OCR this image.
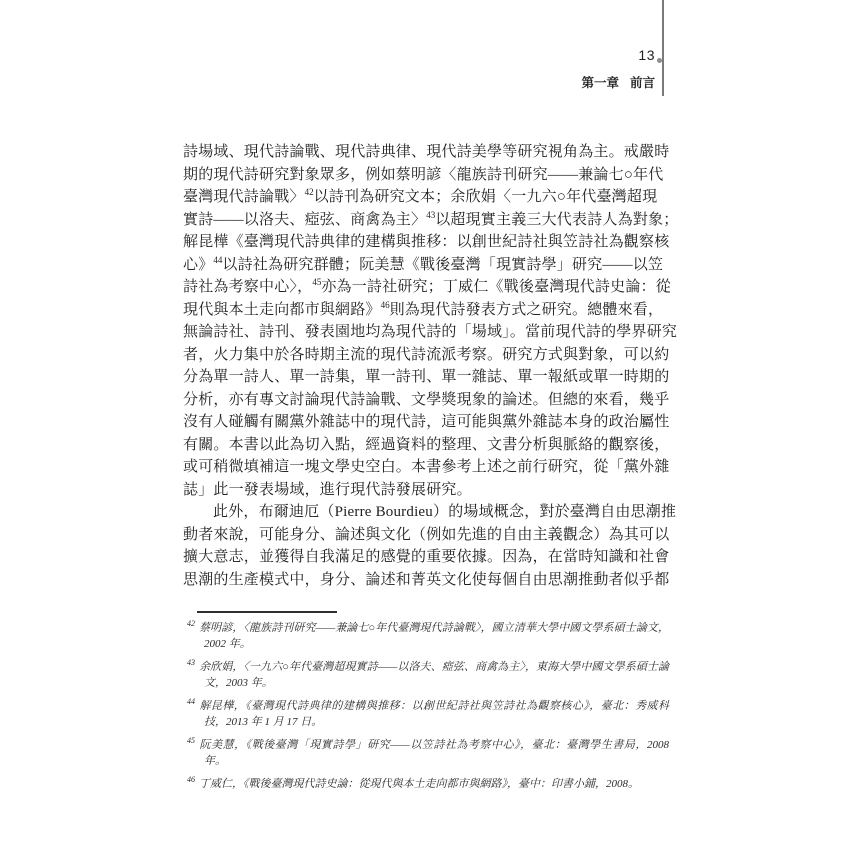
13
第一章 前言
詩場域、現代詩論戰、現代詩典律、現代詩美學等研究視角為主。戒嚴時
期的現代詩研究對象眾多，例如蔡明諺〈龍族詩刊研究——兼論七○年代
臺灣現代詩論戰〉$^{42}$以詩刊為研究文本；余欣娟〈一九六○年代臺灣超現
實詩——以洛夫、瘂弦、商禽為主〉$^{43}$以超現實主義三大代表詩人為對象；
解昆樺《臺灣現代詩典律的建構與推移：以創世紀詩社與笠詩社為觀察核
心》$^{44}$以詩社為研究群體；阮美慧《戰後臺灣「現實詩學」研究——以笠
詩社為考察中心〉，$^{45}$亦為一詩社研究；丁威仁《戰後臺灣現代詩史論：從
現代與本土走向都市與網路》$^{46}$則為現代詩發表方式之研究。總體來看，
無論詩社、詩刊、發表園地均為現代詩的「場域」。當前現代詩的學界研究
者，火力集中於各時期主流的現代詩流派考察。研究方式與對象，可以約
分為單一詩人、單一詩集，單一詩刊、單一雜誌、單一報紙或單一時期的
分析，亦有專文討論現代詩論戰、文學獎現象的論述。但總的來看，幾乎
沒有人碰觸有關黨外雜誌中的現代詩，這可能與黨外雜誌本身的政治屬性
有關。本書以此為切入點，經過資料的整理、文書分析與脈絡的觀察後，
或可稍微填補這一塊文學史空白。本書參考上述之前行研究，從「黨外雜
誌」此一發表場域，進行現代詩發展研究。
此外，布爾迪厄（Pierre Bourdieu）的場域概念，對於臺灣自由思潮推
動者來說，可能身分、論述與文化（例如先進的自由主義觀念）為其可以
擴大意志，並獲得自我滿足的感覺的重要依據。因為，在當時知識和社會
思潮的生產模式中，身分、論述和菁英文化使每個自由思潮推動者似乎都
$^{42}$ 蔡明諺，〈龍族詩刊研究——兼論七○年代臺灣現代詩論戰〉，國立清華大學中國文學系碩士論文，2002 年。
$^{43}$ 余欣娟，〈一九六○年代臺灣超現實詩——以洛夫、瘂弦、商禽為主〉，東海大學中國文學系碩士論文，2003 年。
$^{44}$ 解昆樺，《臺灣現代詩典律的建構與推移：以創世紀詩社與笠詩社為觀察核心》，臺北：秀威科技，2013 年 1 月 17 日。
$^{45}$ 阮美慧，《戰後臺灣「現實詩學」研究——以笠詩社為考察中心》，臺北：臺灣學生書局，2008 年。
$^{46}$ 丁威仁，《戰後臺灣現代詩史論：從現代與本土走向都市與網路》，臺中：印書小鋪，2008。
